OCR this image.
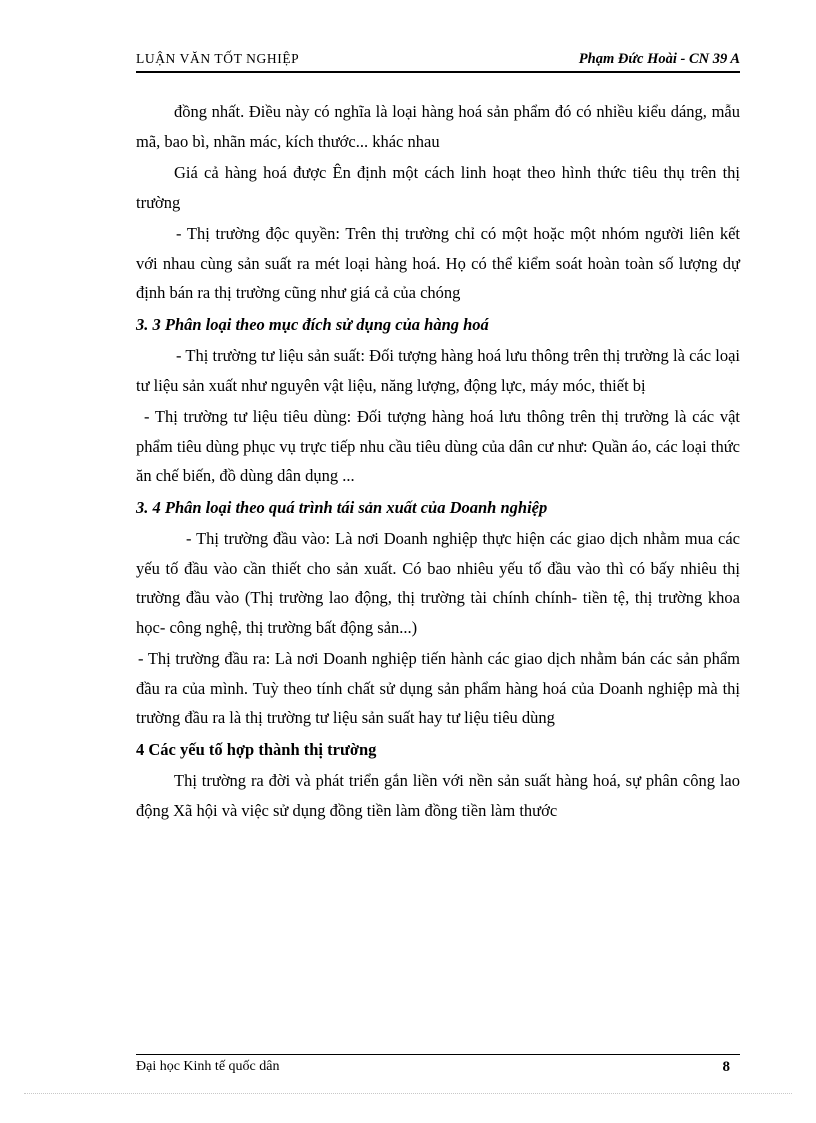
LUẬN VĂN TỐT NGHIỆP	Phạm Đức Hoài - CN 39 A

đồng nhất. Điều này có nghĩa là loại hàng hoá sản phẩm đó có nhiều kiểu dáng, mẫu mã, bao bì, nhãn mác, kích thước... khác nhau

Giá cả hàng hoá được Ên định một cách linh hoạt theo hình thức tiêu thụ trên thị trường

- Thị trường độc quyền: Trên thị trường chỉ có một hoặc một nhóm người liên kết với nhau cùng sản suất ra mét loại hàng hoá. Họ có thể kiểm soát hoàn toàn số lượng dự định bán ra thị trường cũng như giá cả của chóng

3. 3 Phân loại theo mục đích sử dụng của hàng hoá

- Thị trường tư liệu sản suất: Đối tượng hàng hoá lưu thông trên thị trường là các loại tư liệu sản xuất như nguyên vật liệu, năng lượng, động lực, máy móc, thiết bị

- Thị trường tư liệu tiêu dùng: Đối tượng hàng hoá lưu thông trên thị trường là các vật phẩm tiêu dùng phục vụ trực tiếp nhu cầu tiêu dùng của dân cư như: Quần áo, các loại thức ăn chế biến, đồ dùng dân dụng ...

3. 4 Phân loại theo quá trình tái sản xuất của Doanh nghiệp

- Thị trường đầu vào: Là nơi Doanh nghiệp thực hiện các giao dịch nhằm mua các yếu tố đầu vào cần thiết cho sản xuất. Có bao nhiêu yếu tố đầu vào thì có bấy nhiêu thị trường đầu vào (Thị trường lao động, thị trường tài chính chính- tiền tệ, thị trường khoa học- công nghệ, thị trường bất động sản...)

- Thị trường đầu ra: Là nơi Doanh nghiệp tiến hành các giao dịch nhằm bán các sản phẩm đầu ra của mình. Tuỳ theo tính chất sử dụng sản phẩm hàng hoá của Doanh nghiệp mà thị trường đầu ra là thị trường tư liệu sản suất hay tư liệu tiêu dùng

4 Các yếu tố hợp thành thị trường

Thị trường ra đời và phát triển gắn liền với nền sản suất hàng hoá, sự phân công lao động Xã hội và việc sử dụng đồng tiền làm đồng tiền làm thước

Đại học Kinh tế quốc dân	8
